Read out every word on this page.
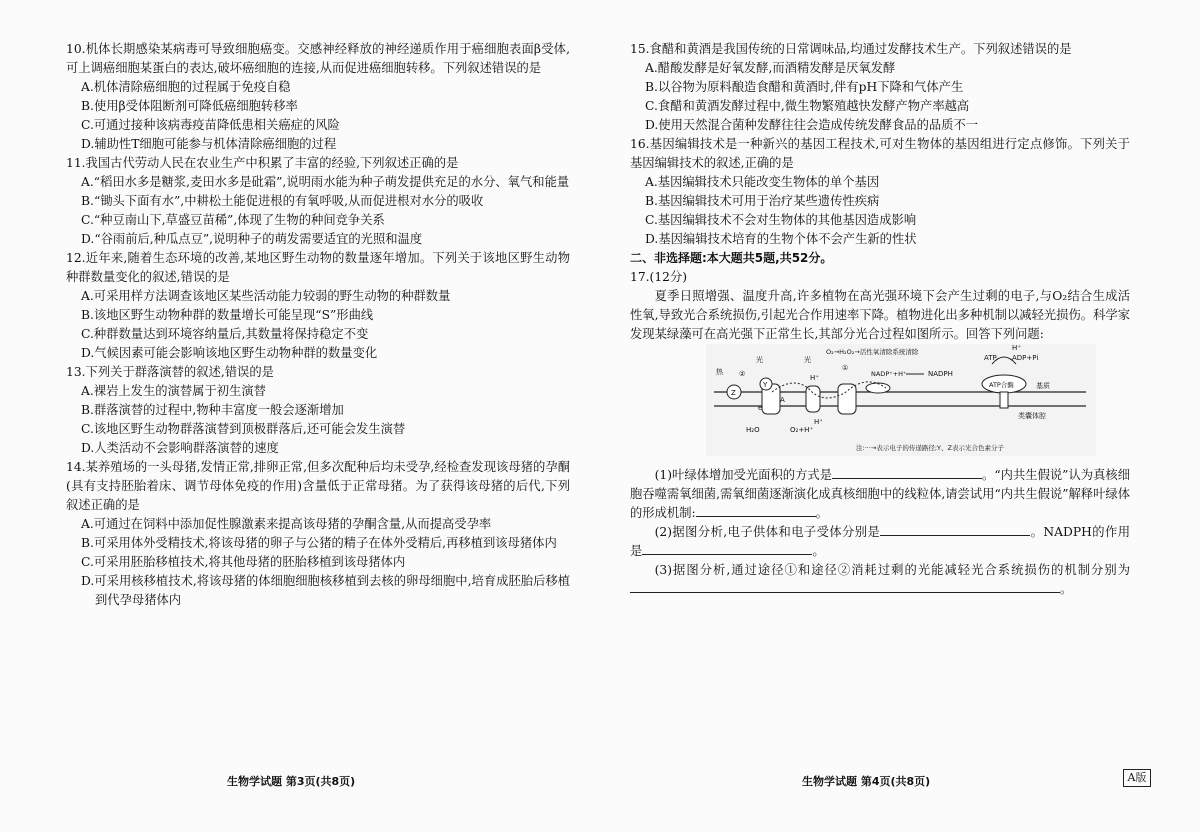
10.机体长期感染某病毒可导致细胞癌变。交感神经释放的神经递质作用于癌细胞表面β受体,可上调癌细胞某蛋白的表达,破坏癌细胞的连接,从而促进癌细胞转移。下列叙述错误的是

A.机体清除癌细胞的过程属于免疫自稳

B.使用β受体阻断剂可降低癌细胞转移率

C.可通过接种该病毒疫苗降低患相关癌症的风险

D.辅助性T细胞可能参与机体清除癌细胞的过程

11.我国古代劳动人民在农业生产中积累了丰富的经验,下列叙述正确的是

A.“稻田水多是糖浆,麦田水多是砒霜”,说明雨水能为种子萌发提供充足的水分、氧气和能量

B.“锄头下面有水”,中耕松土能促进根的有氧呼吸,从而促进根对水分的吸收

C.“种豆南山下,草盛豆苗稀”,体现了生物的种间竞争关系

D.“谷雨前后,种瓜点豆”,说明种子的萌发需要适宜的光照和温度

12.近年来,随着生态环境的改善,某地区野生动物的数量逐年增加。下列关于该地区野生动物种群数量变化的叙述,错误的是

A.可采用样方法调查该地区某些活动能力较弱的野生动物的种群数量

B.该地区野生动物种群的数量增长可能呈现“S”形曲线

C.种群数量达到环境容纳量后,其数量将保持稳定不变

D.气候因素可能会影响该地区野生动物种群的数量变化

13.下列关于群落演替的叙述,错误的是

A.裸岩上发生的演替属于初生演替

B.群落演替的过程中,物种丰富度一般会逐渐增加

C.该地区野生动物群落演替到顶极群落后,还可能会发生演替

D.人类活动不会影响群落演替的速度

14.某养殖场的一头母猪,发情正常,排卵正常,但多次配种后均未受孕,经检查发现该母猪的孕酮(具有支持胚胎着床、调节母体免疫的作用)含量低于正常母猪。为了获得该母猪的后代,下列叙述正确的是

A.可通过在饲料中添加促性腺激素来提高该母猪的孕酮含量,从而提高受孕率

B.可采用体外受精技术,将该母猪的卵子与公猪的精子在体外受精后,再移植到该母猪体内

C.可采用胚胎移植技术,将其他母猪的胚胎移植到该母猪体内

D.可采用核移植技术,将该母猪的体细胞细胞核移植到去核的卵母细胞中,培育成胚胎后移植到代孕母猪体内

15.食醋和黄酒是我国传统的日常调味品,均通过发酵技术生产。下列叙述错误的是

A.醋酸发酵是好氧发酵,而酒精发酵是厌氧发酵

B.以谷物为原料酿造食醋和黄酒时,伴有pH下降和气体产生

C.食醋和黄酒发酵过程中,微生物繁殖越快发酵产物产率越高

D.使用天然混合菌种发酵往往会造成传统发酵食品的品质不一

16.基因编辑技术是一种新兴的基因工程技术,可对生物体的基因组进行定点修饰。下列关于基因编辑技术的叙述,正确的是

A.基因编辑技术只能改变生物体的单个基因

B.基因编辑技术可用于治疗某些遗传性疾病

C.基因编辑技术不会对生物体的其他基因造成影响

D.基因编辑技术培育的生物个体不会产生新的性状

二、非选择题:本大题共5题,共52分。

17.(12分)

夏季日照增强、温度升高,许多植物在高光强环境下会产生过剩的电子,与O₂结合生成活性氧,导致光合系统损伤,引起光合作用速率下降。植物进化出多种机制以减轻光损伤。科学家发现某绿藻可在高光强下正常生长,其部分光合过程如图所示。回答下列问题:

(1)叶绿体增加受光面积的方式是	。“内共生假说”认为真核细胞吞噬需氧细菌,需氧细菌逐渐演化成真核细胞中的线粒体,请尝试用“内共生假说”解释叶绿体的形成机制:	。

(2)据图分析,电子供体和电子受体分别是	。NADPH的作用是	。

(3)据图分析,通过途径①和途径②消耗过剩的光能减轻光合系统损伤的机制分别为。

Y
Z
A
e
热
光
②
H₂O	O₂+H⁺
H⁺
H⁺
光
O₂→H₂O₂→活性氧清除系统清除
①
NADP⁺+H⁺	NADPH
ATP合酶	基质
类囊体腔
ATP ADP+Pi
H⁺
注:···→表示电子的传递路径;Y、Z表示光合色素分子
生物学试题 第3页(共8页)	生物学试题 第4页(共8页)	A版
